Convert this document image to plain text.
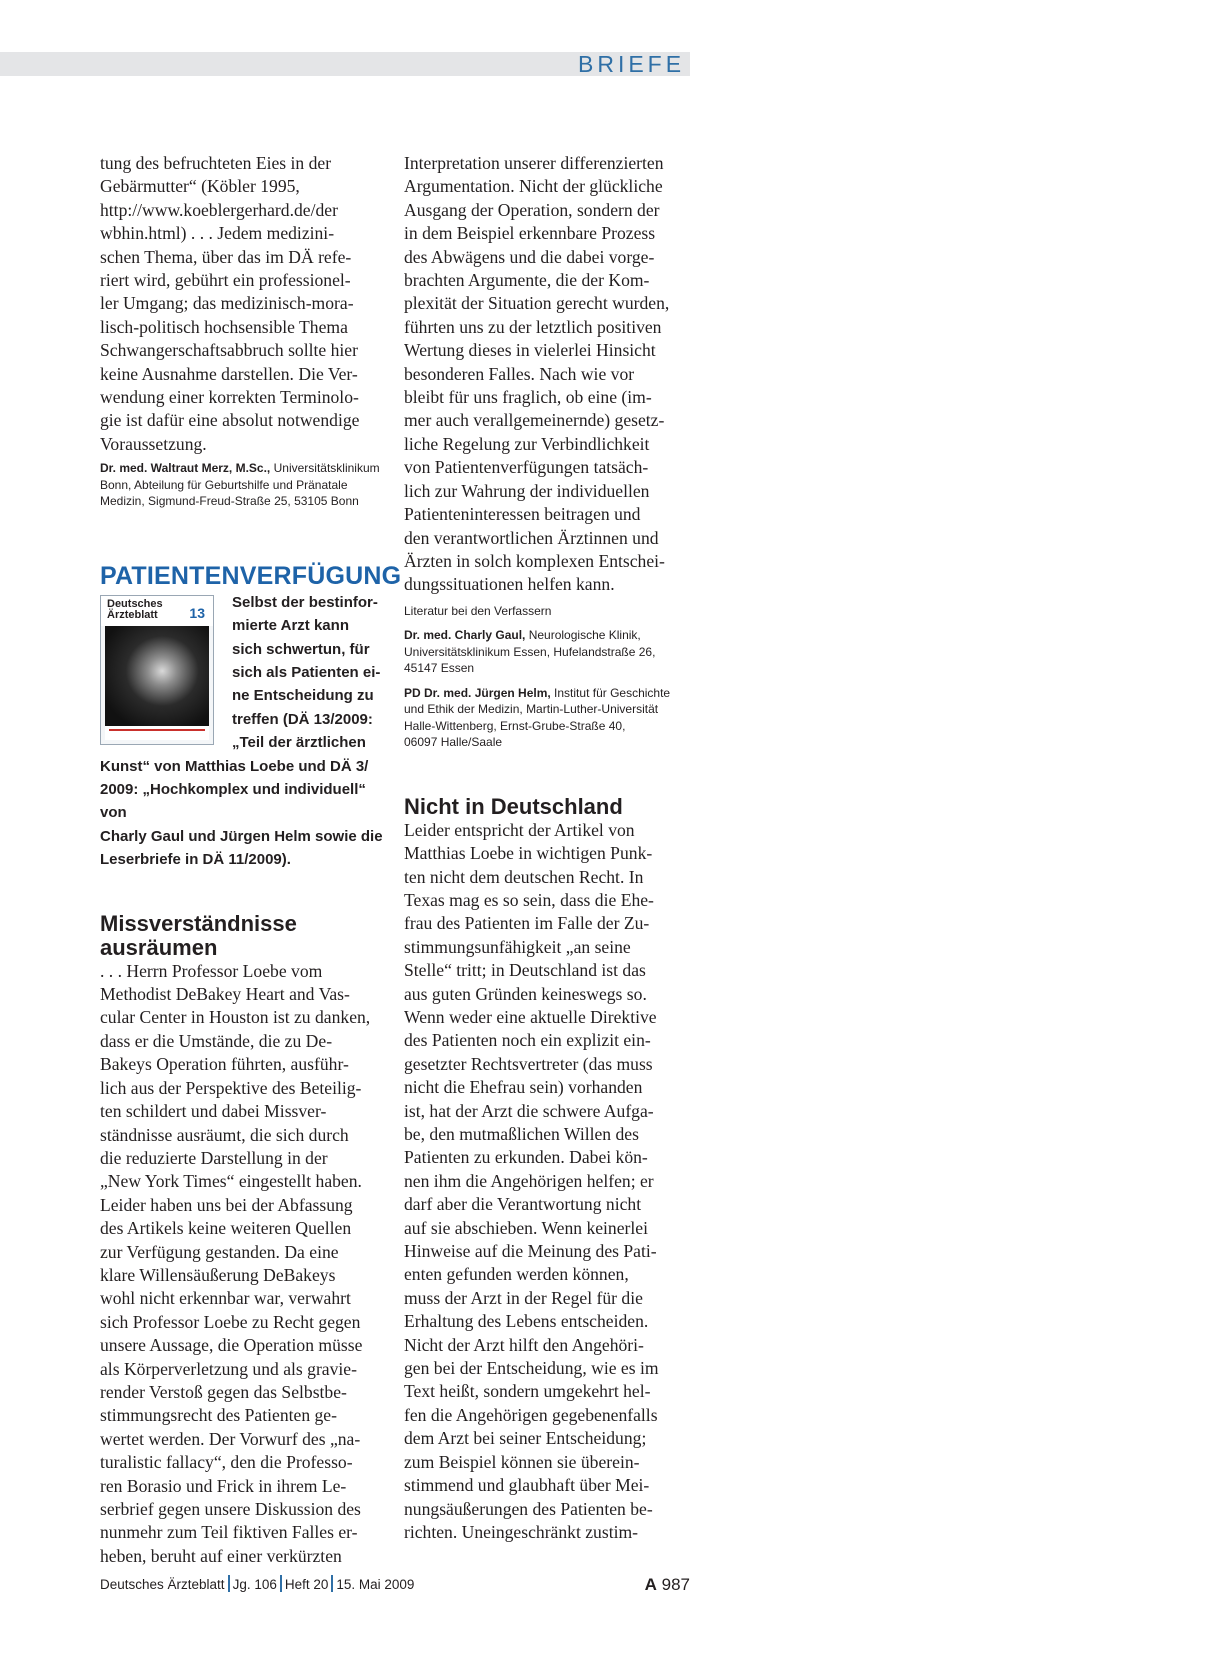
BRIEFE

tung des befruchteten Eies in der
Gebärmutter“ (Köbler 1995,
http://www.koeblergerhard.de/der
wbhin.html) . . . Jedem medizini-
schen Thema, über das im DÄ refe-
riert wird, gebührt ein professionel-
ler Umgang; das medizinisch-mora-
lisch-politisch hochsensible Thema
Schwangerschaftsabbruch sollte hier
keine Ausnahme darstellen. Die Ver-
wendung einer korrekten Terminolo-
gie ist dafür eine absolut notwendige
Voraussetzung.

Dr. med. Waltraut Merz, M.Sc., Universitätsklinikum
Bonn, Abteilung für Geburtshilfe und Pränatale
Medizin, Sigmund-Freud-Straße 25, 53105 Bonn

PATIENTENVERFÜGUNG
Deutsches
Ärzteblatt	13
Selbst der bestinfor-
mierte Arzt kann
sich schwertun, für
sich als Patienten ei-
ne Entscheidung zu
treffen (DÄ 13/2009:
„Teil der ärztlichen
Kunst“ von Matthias Loebe und DÄ 3/
2009: „Hochkomplex und individuell“ von
Charly Gaul und Jürgen Helm sowie die
Leserbriefe in DÄ 11/2009).
Missverständnisse
ausräumen

. . . Herrn Professor Loebe vom
Methodist DeBakey Heart and Vas-
cular Center in Houston ist zu danken,
dass er die Umstände, die zu De-
Bakeys Operation führten, ausführ-
lich aus der Perspektive des Beteilig-
ten schildert und dabei Missver-
ständnisse ausräumt, die sich durch
die reduzierte Darstellung in der
„New York Times“ eingestellt haben.
Leider haben uns bei der Abfassung
des Artikels keine weiteren Quellen
zur Verfügung gestanden. Da eine
klare Willensäußerung DeBakeys
wohl nicht erkennbar war, verwahrt
sich Professor Loebe zu Recht gegen
unsere Aussage, die Operation müsse
als Körperverletzung und als gravie-
render Verstoß gegen das Selbstbe-
stimmungsrecht des Patienten ge-
wertet werden. Der Vorwurf des „na-
turalistic fallacy“, den die Professo-
ren Borasio und Frick in ihrem Le-
serbrief gegen unsere Diskussion des
nunmehr zum Teil fiktiven Falles er-
heben, beruht auf einer verkürzten

Interpretation unserer differenzierten
Argumentation. Nicht der glückliche
Ausgang der Operation, sondern der
in dem Beispiel erkennbare Prozess
des Abwägens und die dabei vorge-
brachten Argumente, die der Kom-
plexität der Situation gerecht wurden,
führten uns zu der letztlich positiven
Wertung dieses in vielerlei Hinsicht
besonderen Falles. Nach wie vor
bleibt für uns fraglich, ob eine (im-
mer auch verallgemeinernde) gesetz-
liche Regelung zur Verbindlichkeit
von Patientenverfügungen tatsäch-
lich zur Wahrung der individuellen
Patienteninteressen beitragen und
den verantwortlichen Ärztinnen und
Ärzten in solch komplexen Entschei-
dungssituationen helfen kann.

Literatur bei den Verfassern

Dr. med. Charly Gaul, Neurologische Klinik,
Universitätsklinikum Essen, Hufelandstraße 26,
45147 Essen

PD Dr. med. Jürgen Helm, Institut für Geschichte
und Ethik der Medizin, Martin-Luther-Universität
Halle-Wittenberg, Ernst-Grube-Straße 40,
06097 Halle/Saale

Nicht in Deutschland

Leider entspricht der Artikel von
Matthias Loebe in wichtigen Punk-
ten nicht dem deutschen Recht. In
Texas mag es so sein, dass die Ehe-
frau des Patienten im Falle der Zu-
stimmungsunfähigkeit „an seine
Stelle“ tritt; in Deutschland ist das
aus guten Gründen keineswegs so.
Wenn weder eine aktuelle Direktive
des Patienten noch ein explizit ein-
gesetzter Rechtsvertreter (das muss
nicht die Ehefrau sein) vorhanden
ist, hat der Arzt die schwere Aufga-
be, den mutmaßlichen Willen des
Patienten zu erkunden. Dabei kön-
nen ihm die Angehörigen helfen; er
darf aber die Verantwortung nicht
auf sie abschieben. Wenn keinerlei
Hinweise auf die Meinung des Pati-
enten gefunden werden können,
muss der Arzt in der Regel für die
Erhaltung des Lebens entscheiden.
Nicht der Arzt hilft den Angehöri-
gen bei der Entscheidung, wie es im
Text heißt, sondern umgekehrt hel-
fen die Angehörigen gegebenenfalls
dem Arzt bei seiner Entscheidung;
zum Beispiel können sie überein-
stimmend und glaubhaft über Mei-
nungsäußerungen des Patienten be-
richten. Uneingeschränkt zustim-

Deutsches Ärzteblatt Jg. 106 Heft 20 15. Mai 2009	A 987
